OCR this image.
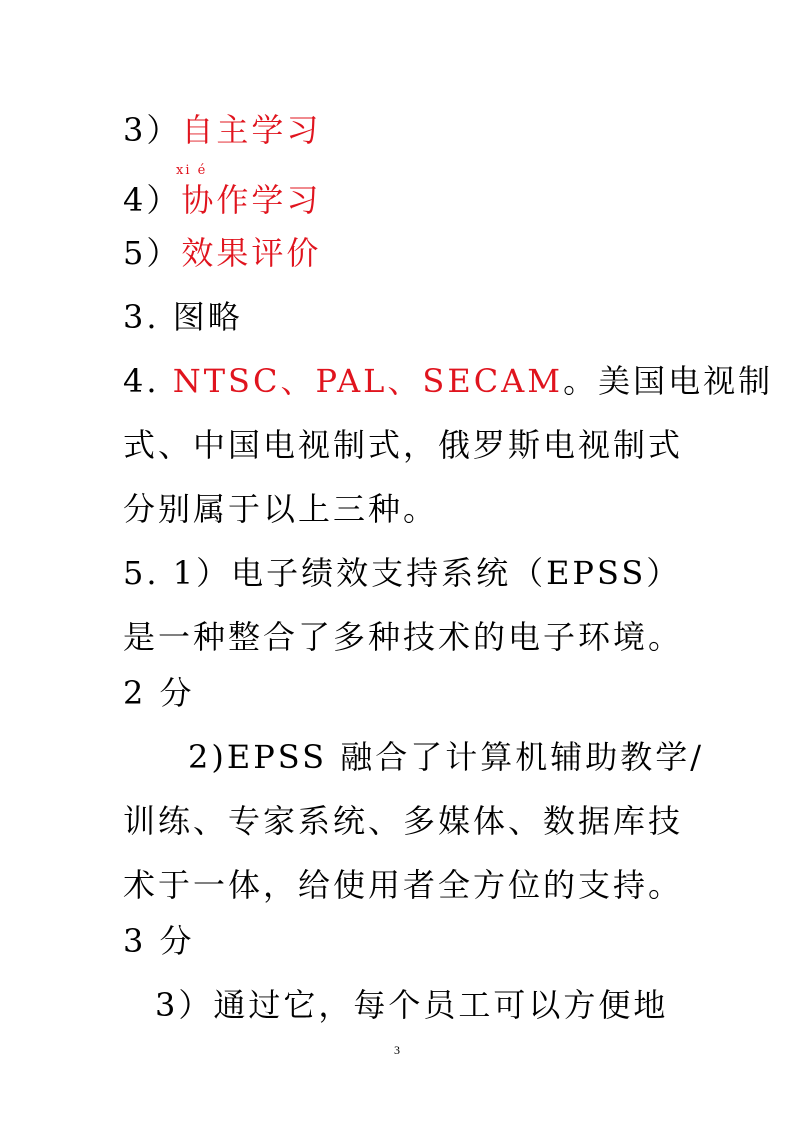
3）自主学习
xi é
4）协作学习
5）效果评价
3. 图略
4. NTSC、PAL、SECAM。美国电视制
式、中国电视制式，俄罗斯电视制式
分别属于以上三种。
5. 1）电子绩效支持系统（EPSS）
是一种整合了多种技术的电子环境。
2 分
2)EPSS 融合了计算机辅助教学/
训练、专家系统、多媒体、数据库技
术于一体，给使用者全方位的支持。
3 分
3）通过它，每个员工可以方便地
3
